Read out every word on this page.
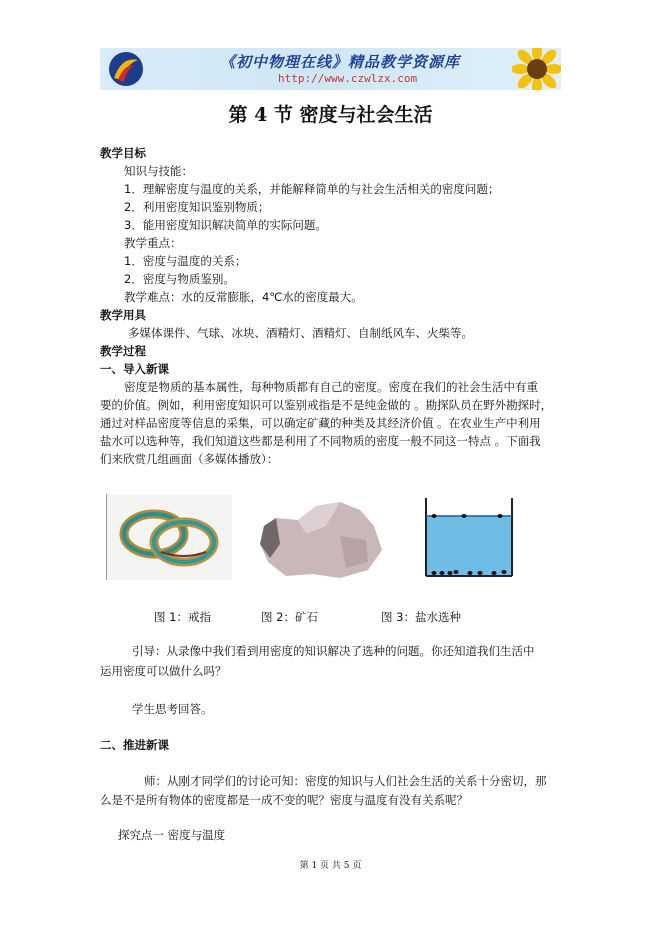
《初中物理在线》精品教学资源库
http://www.czwlzx.com
第 4 节 密度与社会生活
教学目标
知识与技能：
1．理解密度与温度的关系，并能解释简单的与社会生活相关的密度问题；
2．利用密度知识鉴别物质；
3．能用密度知识解决简单的实际问题。
教学重点：
1．密度与温度的关系；
2．密度与物质鉴别。
教学难点：水的反常膨胀，4℃水的密度最大。
教学用具
多媒体课件、气球、冰块、酒精灯、酒精灯、自制纸风车、火柴等。
教学过程
一、导入新课
密度是物质的基本属性，每种物质都有自己的密度。密度在我们的社会生活中有重
要的价值。例如，利用密度知识可以鉴别戒指是不是纯金做的 。勘探队员在野外勘探时，
通过对样品密度等信息的采集，可以确定矿藏的种类及其经济价值 。在农业生产中利用
盐水可以选种等，我们知道这些都是利用了不同物质的密度一般不同这一特点 。下面我
们来欣赏几组画面（多媒体播放）：
图 1：戒指	图 2：矿石	图 3：盐水选种
引导：从录像中我们看到用密度的知识解决了选种的问题。你还知道我们生活中
运用密度可以做什么吗？
学生思考回答。
二、推进新课
师：从刚才同学们的讨论可知：密度的知识与人们社会生活的关系十分密切，那
么是不是所有物体的密度都是一成不变的呢？密度与温度有没有关系呢？
探究点一 密度与温度
第 1 页 共 5 页
